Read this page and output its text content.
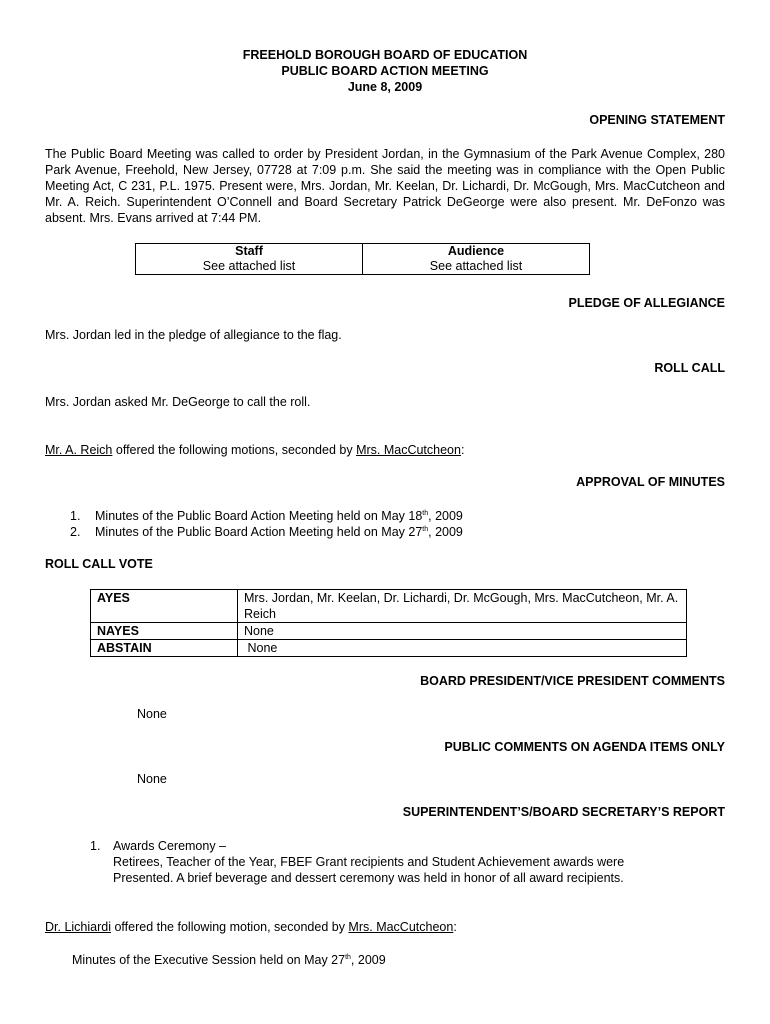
FREEHOLD BOROUGH BOARD OF EDUCATION
PUBLIC BOARD ACTION MEETING
June 8, 2009
OPENING STATEMENT
The Public Board Meeting was called to order by President Jordan, in the Gymnasium of the Park Avenue Complex, 280 Park Avenue, Freehold, New Jersey, 07728 at 7:09 p.m. She said the meeting was in compliance with the Open Public Meeting Act, C 231, P.L. 1975. Present were, Mrs. Jordan, Mr. Keelan, Dr. Lichardi, Dr. McGough, Mrs. MacCutcheon and Mr. A. Reich. Superintendent O’Connell and Board Secretary Patrick DeGeorge were also present. Mr. DeFonzo was absent. Mrs. Evans arrived at 7:44 PM.
Staff	Audience
See attached list	See attached list
PLEDGE OF ALLEGIANCE
Mrs. Jordan led in the pledge of allegiance to the flag.
ROLL CALL
Mrs. Jordan asked Mr. DeGeorge to call the roll.
Mr. A. Reich offered the following motions, seconded by Mrs. MacCutcheon:
APPROVAL OF MINUTES
1. Minutes of the Public Board Action Meeting held on May 18th, 2009
2. Minutes of the Public Board Action Meeting held on May 27th, 2009
ROLL CALL VOTE
AYES	Mrs. Jordan, Mr. Keelan, Dr. Lichardi, Dr. McGough, Mrs. MacCutcheon, Mr. A. Reich
NAYES	None
ABSTAIN	None
BOARD PRESIDENT/VICE PRESIDENT COMMENTS
None
PUBLIC COMMENTS ON AGENDA ITEMS ONLY
None
SUPERINTENDENT’S/BOARD SECRETARY’S REPORT
1. Awards Ceremony –
Retirees, Teacher of the Year, FBEF Grant recipients and Student Achievement awards were
Presented. A brief beverage and dessert ceremony was held in honor of all award recipients.
Dr. Lichiardi offered the following motion, seconded by Mrs. MacCutcheon:
Minutes of the Executive Session held on May 27th, 2009
